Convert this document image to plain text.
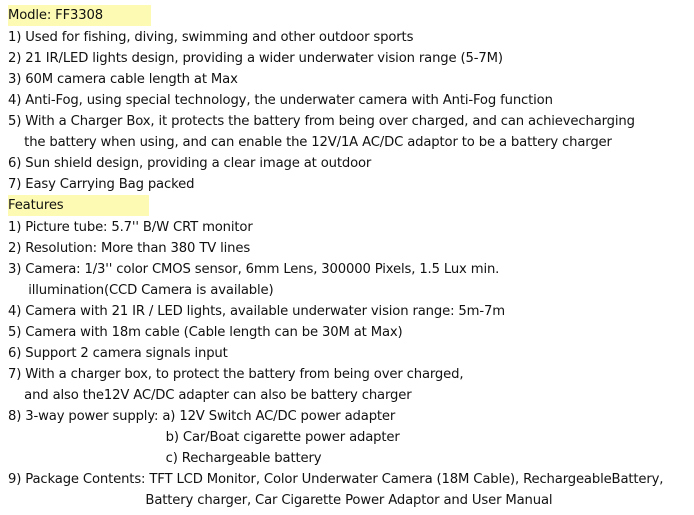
Modle: FF3308
1) Used for fishing, diving, swimming and other outdoor sports
2) 21 IR/LED lights design, providing a wider underwater vision range (5-7M)
3) 60M camera cable length at Max
4) Anti-Fog, using special technology, the underwater camera with Anti-Fog function
5) With a Charger Box, it protects the battery from being over charged, and can achievecharging
the battery when using, and can enable the 12V/1A AC/DC adaptor to be a battery charger
6) Sun shield design, providing a clear image at outdoor
7) Easy Carrying Bag packed
Features
1) Picture tube: 5.7'' B/W CRT monitor
2) Resolution: More than 380 TV lines
3) Camera: 1/3'' color CMOS sensor, 6mm Lens, 300000 Pixels, 1.5 Lux min.
illumination(CCD Camera is available)
4) Camera with 21 IR / LED lights, available underwater vision range: 5m-7m
5) Camera with 18m cable (Cable length can be 30M at Max)
6) Support 2 camera signals input
7) With a charger box, to protect the battery from being over charged,
and also the12V AC/DC adapter can also be battery charger
8) 3-way power supply: a) 12V Switch AC/DC power adapter
b) Car/Boat cigarette power adapter
c) Rechargeable battery
9) Package Contents: TFT LCD Monitor, Color Underwater Camera (18M Cable), RechargeableBattery,
Battery charger, Car Cigarette Power Adaptor and User Manual
